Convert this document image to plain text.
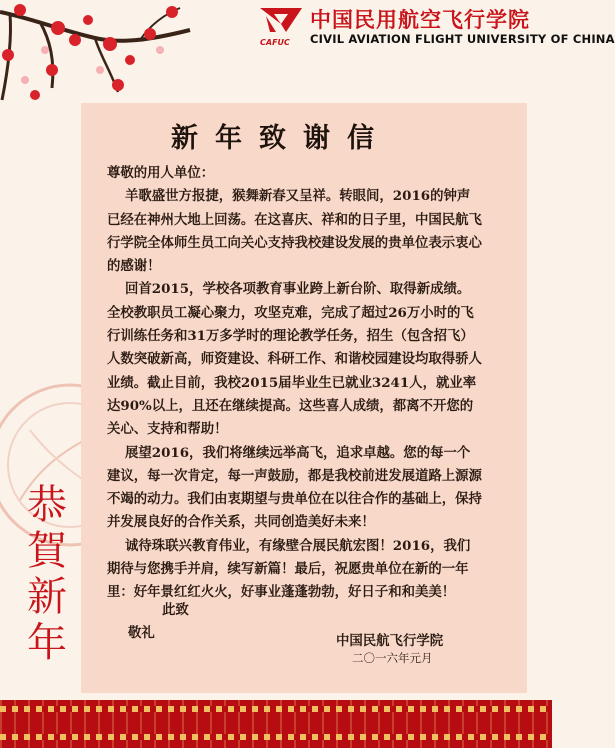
CAFUC
中国民用航空飞行学院
CIVIL AVIATION FLIGHT UNIVERSITY OF CHINA
新年致谢信

尊敬的用人单位：

羊歌盛世方报捷，猴舞新春又呈祥。转眼间，2016的钟声已经在神州大地上回荡。在这喜庆、祥和的日子里，中国民航飞行学院全体师生员工向关心支持我校建设发展的贵单位表示衷心的感谢！

回首2015，学校各项教育事业跨上新台阶、取得新成绩。全校教职员工凝心聚力，攻坚克难，完成了超过26万小时的飞行训练任务和31万多学时的理论教学任务，招生（包含招飞）人数突破新高，师资建设、科研工作、和谐校园建设均取得骄人业绩。截止目前，我校2015届毕业生已就业3241人，就业率达90%以上，且还在继续提高。这些喜人成绩，都离不开您的关心、支持和帮助！

展望2016，我们将继续远举高飞，追求卓越。您的每一个建议，每一次肯定，每一声鼓励，都是我校前进发展道路上源源不竭的动力。我们由衷期望与贵单位在以往合作的基础上，保持并发展良好的合作关系，共同创造美好未来！

诚待珠联兴教育伟业，有缘壁合展民航宏图！2016，我们期待与您携手并肩，续写新篇！最后，祝愿贵单位在新的一年里：好年景红红火火，好事业蓬蓬勃勃，好日子和和美美！

此致
敬礼	中国民航飞行学院
二〇一六年元月
恭
賀
新
年
